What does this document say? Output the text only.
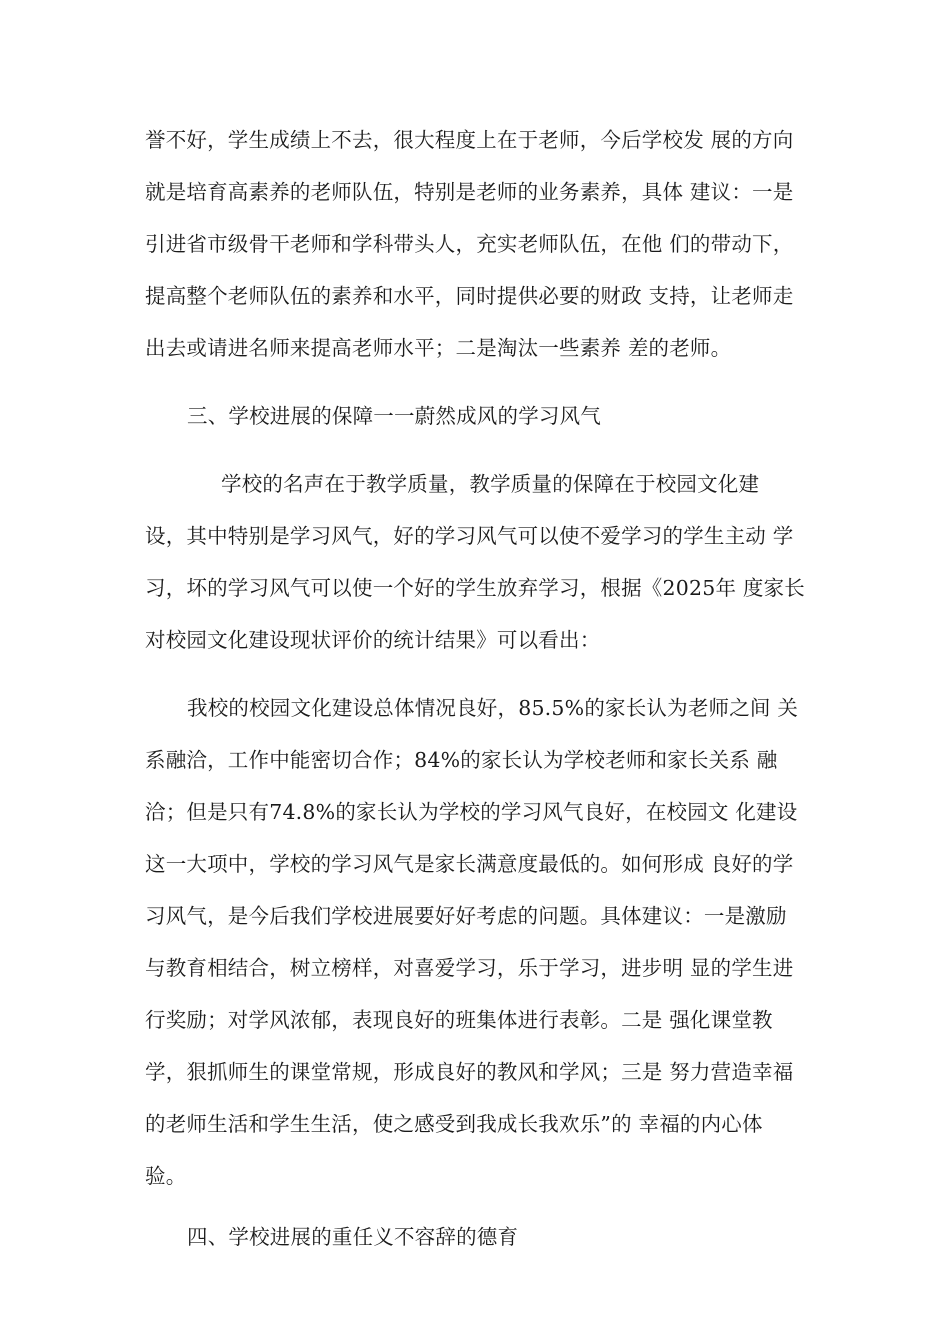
誉不好，学生成绩上不去，很大程度上在于老师，今后学校发 展的方向
就是培育高素养的老师队伍，特别是老师的业务素养，具体 建议：一是
引进省市级骨干老师和学科带头人，充实老师队伍，在他 们的带动下，
提高整个老师队伍的素养和水平，同时提供必要的财政 支持，让老师走
出去或请进名师来提高老师水平；二是淘汰一些素养 差的老师。
三、学校进展的保障一一蔚然成风的学习风气
学校的名声在于教学质量，教学质量的保障在于校园文化建
设，其中特别是学习风气，好的学习风气可以使不爱学习的学生主动 学
习，坏的学习风气可以使一个好的学生放弃学习，根据《2025年 度家长
对校园文化建设现状评价的统计结果》可以看出：
我校的校园文化建设总体情况良好，85.5%的家长认为老师之间 关
系融洽，工作中能密切合作；84%的家长认为学校老师和家长关系 融
洽；但是只有74.8%的家长认为学校的学习风气良好，在校园文 化建设
这一大项中，学校的学习风气是家长满意度最低的。如何形成 良好的学
习风气，是今后我们学校进展要好好考虑的问题。具体建议：一是激励
与教育相结合，树立榜样，对喜爱学习，乐于学习，进步明 显的学生进
行奖励；对学风浓郁，表现良好的班集体进行表彰。二是 强化课堂教
学，狠抓师生的课堂常规，形成良好的教风和学风；三是 努力营造幸福
的老师生活和学生生活，使之感受到我成长我欢乐”的 幸福的内心体
验。
四、学校进展的重任义不容辞的德育
